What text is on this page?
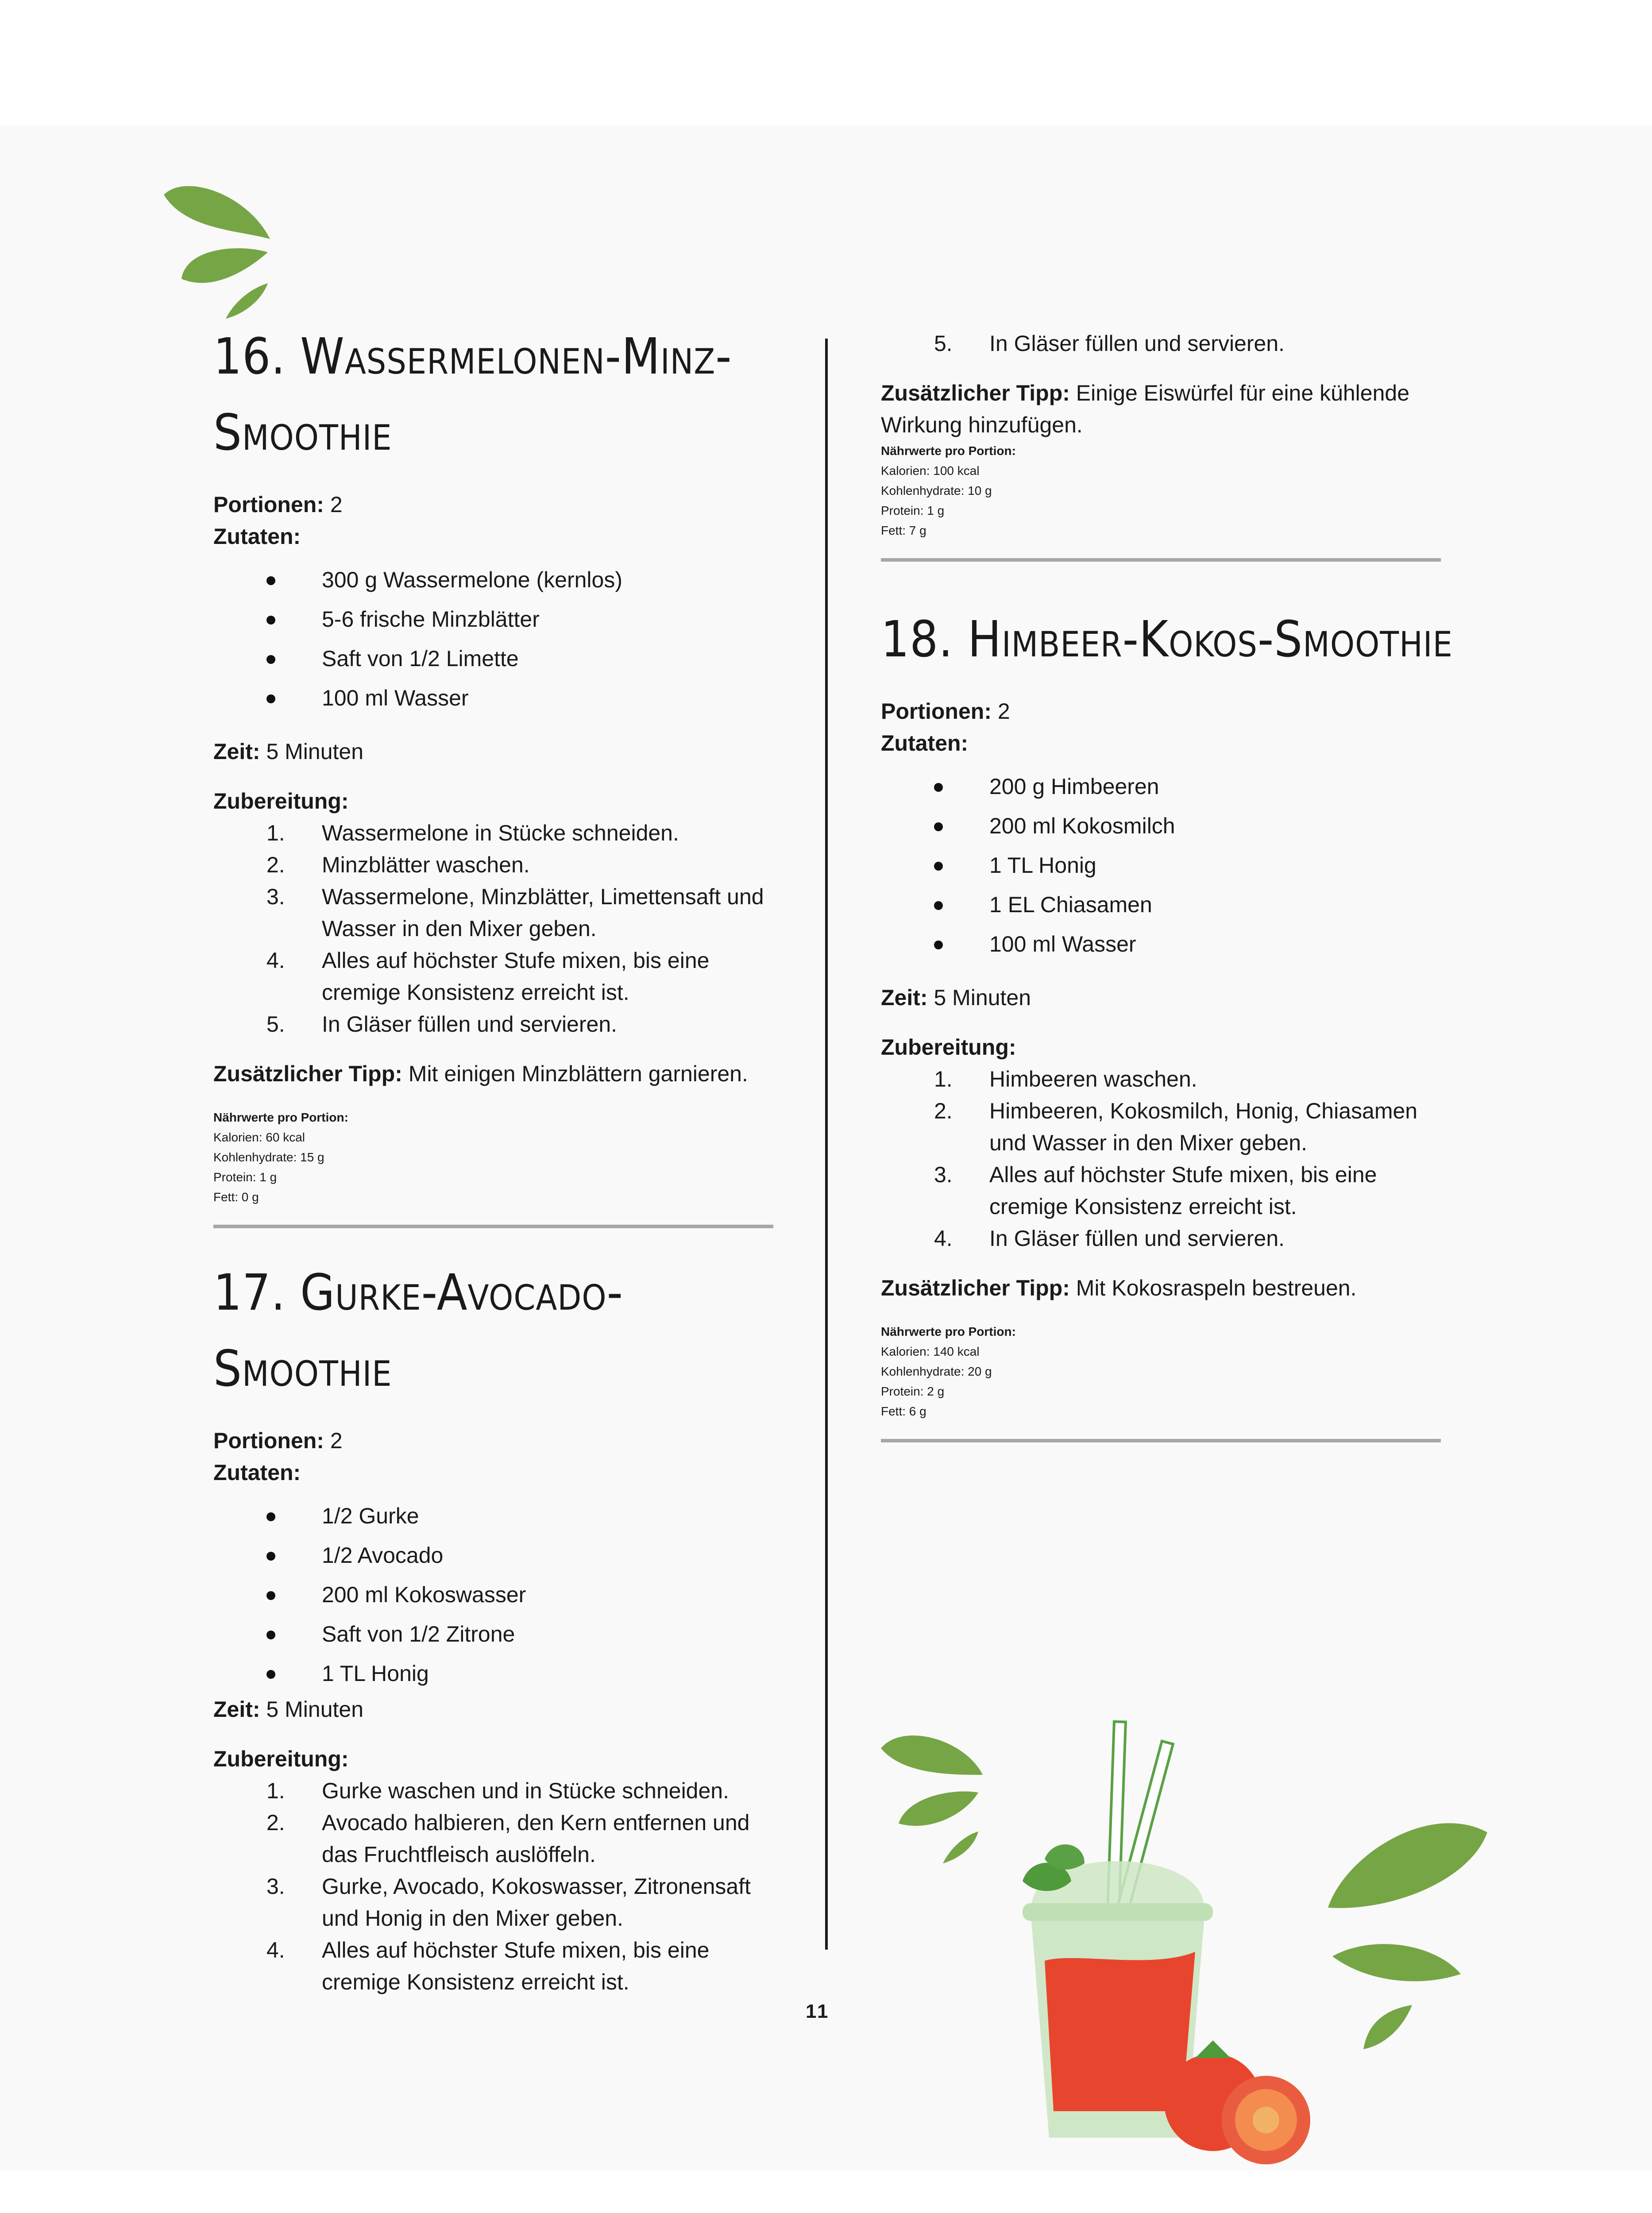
16. Wassermelonen-Minz-
Smoothie
Portionen: 2
Zutaten:
300 g Wassermelone (kernlos)
5-6 frische Minzblätter
Saft von 1/2 Limette
100 ml Wasser
Zeit: 5 Minuten
Zubereitung:
1. Wassermelone in Stücke schneiden.
2. Minzblätter waschen.
3. Wassermelone, Minzblätter, Limettensaft und Wasser in den Mixer geben.
4. Alles auf höchster Stufe mixen, bis eine cremige Konsistenz erreicht ist.
5. In Gläser füllen und servieren.
Zusätzlicher Tipp: Mit einigen Minzblättern garnieren.
Nährwerte pro Portion:
Kalorien: 60 kcal
Kohlenhydrate: 15 g
Protein: 1 g
Fett: 0 g
17. Gurke-Avocado-Smoothie
Portionen: 2
Zutaten:
1/2 Gurke
1/2 Avocado
200 ml Kokoswasser
Saft von 1/2 Zitrone
1 TL Honig
Zeit: 5 Minuten
Zubereitung:
1. Gurke waschen und in Stücke schneiden.
2. Avocado halbieren, den Kern entfernen und das Fruchtfleisch auslöffeln.
3. Gurke, Avocado, Kokoswasser, Zitronensaft und Honig in den Mixer geben.
4. Alles auf höchster Stufe mixen, bis eine cremige Konsistenz erreicht ist.
5. In Gläser füllen und servieren.
Zusätzlicher Tipp: Einige Eiswürfel für eine kühlende Wirkung hinzufügen.
Nährwerte pro Portion:
Kalorien: 100 kcal
Kohlenhydrate: 10 g
Protein: 1 g
Fett: 7 g
18. Himbeer-Kokos-Smoothie
Portionen: 2
Zutaten:
200 g Himbeeren
200 ml Kokosmilch
1 TL Honig
1 EL Chiasamen
100 ml Wasser
Zeit: 5 Minuten
Zubereitung:
1. Himbeeren waschen.
2. Himbeeren, Kokosmilch, Honig, Chiasamen und Wasser in den Mixer geben.
3. Alles auf höchster Stufe mixen, bis eine cremige Konsistenz erreicht ist.
4. In Gläser füllen und servieren.
Zusätzlicher Tipp: Mit Kokosraspeln bestreuen.
Nährwerte pro Portion:
Kalorien: 140 kcal
Kohlenhydrate: 20 g
Protein: 2 g
Fett: 6 g
11
